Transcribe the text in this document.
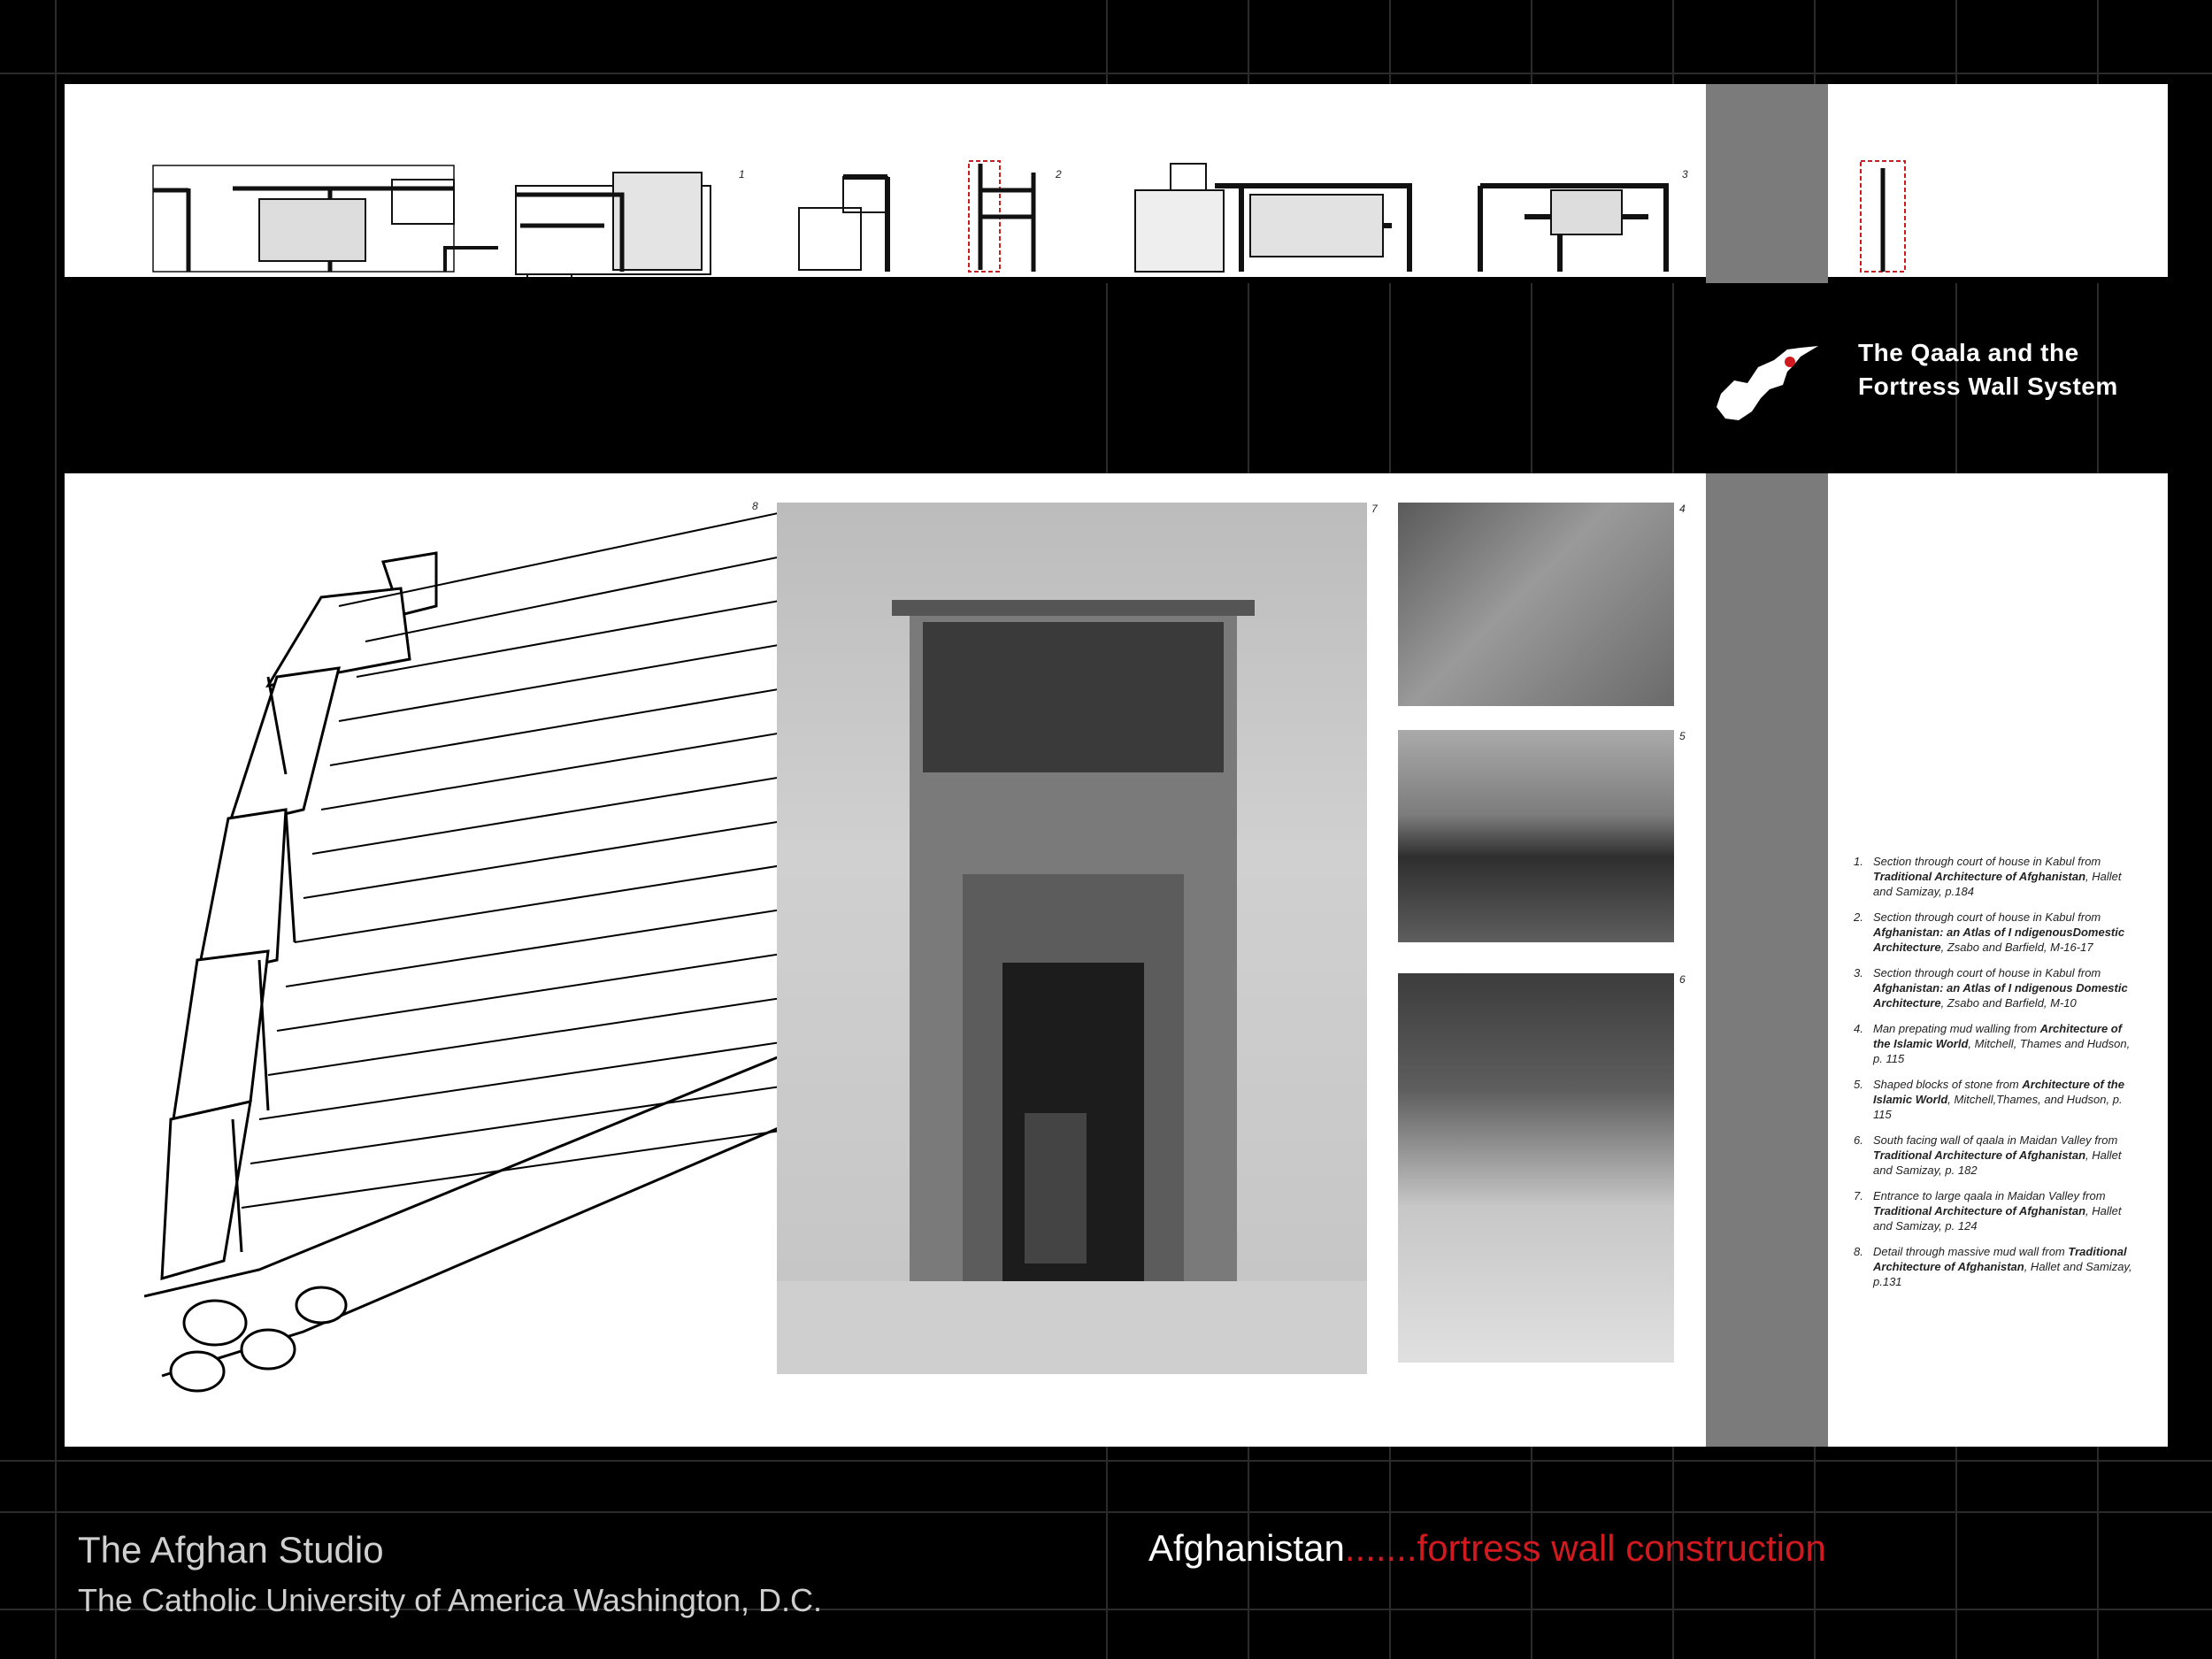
1	2	3
The Qaala and the
Fortress Wall System
8	7	4
5
6
1. Section through court of house in Kabul from Traditional Architecture of Afghanistan, Hallet and Samizay, p.184
2. Section through court of house in Kabul from Afghanistan: an Atlas of I ndigenousDomestic Architecture, Zsabo and Barfield, M-16-17
3. Section through court of house in Kabul from Afghanistan: an Atlas of I ndigenous Domestic Architecture, Zsabo and Barfield, M-10
4. Man prepating mud walling from Architecture of the Islamic World, Mitchell, Thames and Hudson, p. 115
5. Shaped blocks of stone from Architecture of the Islamic World, Mitchell,Thames, and Hudson, p. 115
6. South facing wall of qaala in Maidan Valley from Traditional Architecture of Afghanistan, Hallet and Samizay, p. 182
7. Entrance to large qaala in Maidan Valley from Traditional Architecture of Afghanistan, Hallet and Samizay, p. 124
8. Detail through massive mud wall from Traditional Architecture of Afghanistan, Hallet and Samizay, p.131
The Afghan Studio
The Catholic University of America Washington, D.C.
Afghanistan.......fortress wall construction
